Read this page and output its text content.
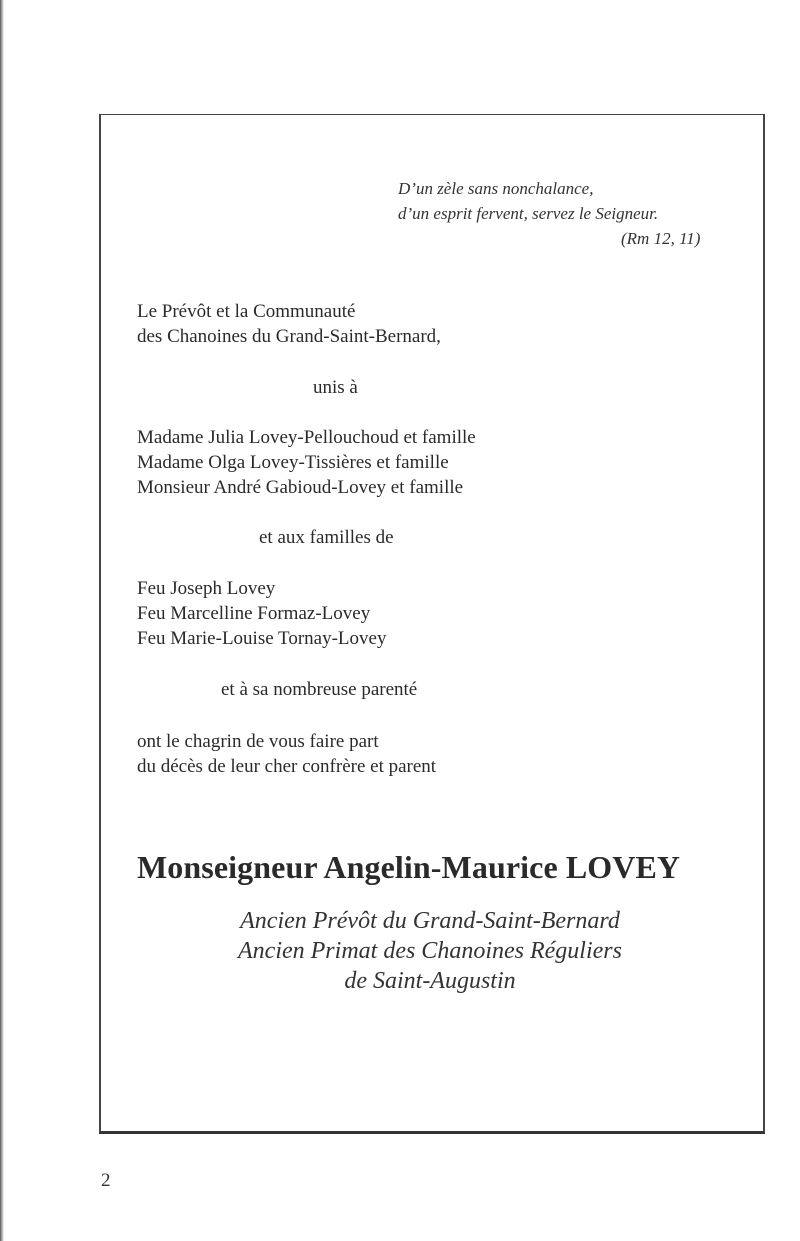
D’un zèle sans nonchalance,
d’un esprit fervent, servez le Seigneur.
(Rm 12, 11)
Le Prévôt et la Communauté
des Chanoines du Grand-Saint-Bernard,
unis à
Madame Julia Lovey-Pellouchoud et famille
Madame Olga Lovey-Tissières et famille
Monsieur André Gabioud-Lovey et famille
et aux familles de
Feu Joseph Lovey
Feu Marcelline Formaz-Lovey
Feu Marie-Louise Tornay-Lovey
et à sa nombreuse parenté
ont le chagrin de vous faire part
du décès de leur cher confrère et parent
Monseigneur Angelin-Maurice LOVEY
Ancien Prévôt du Grand-Saint-Bernard
Ancien Primat des Chanoines Réguliers
de Saint-Augustin
2
